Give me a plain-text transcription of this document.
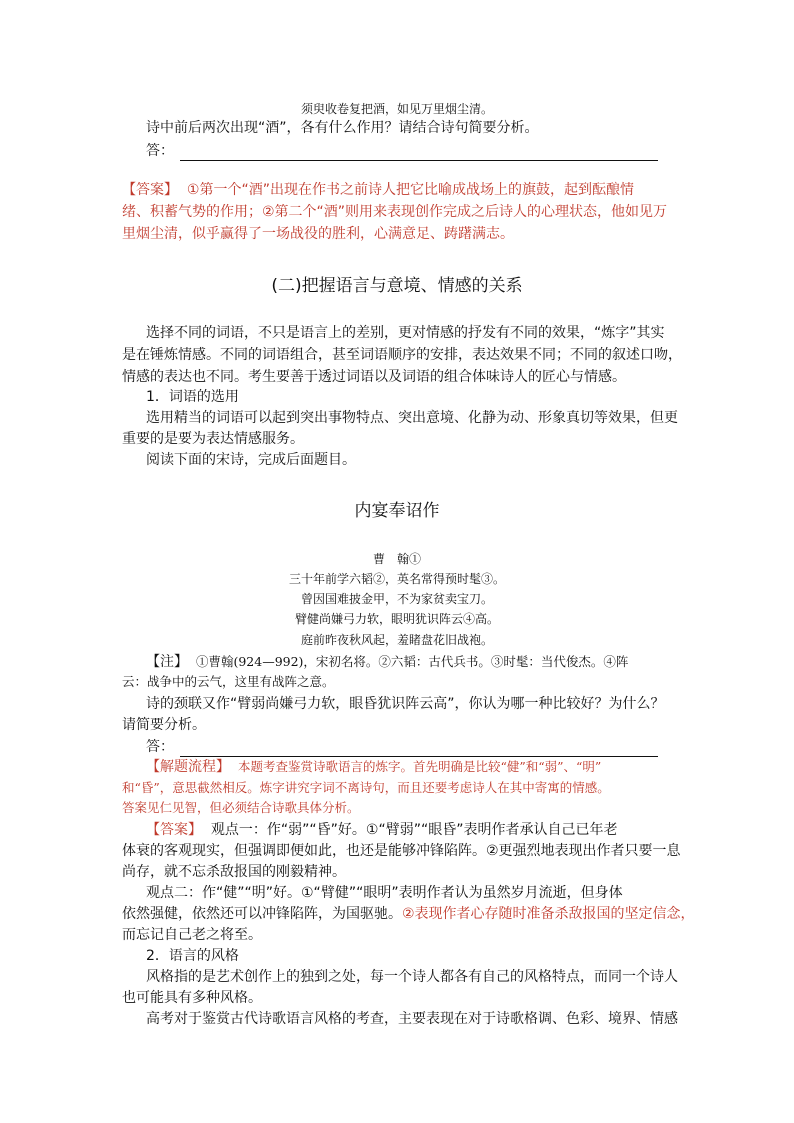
须臾收卷复把酒，如见万里烟尘清。
诗中前后两次出现“酒”，各有什么作用？请结合诗句简要分析。
答：
【答案】 ①第一个“酒”出现在作书之前诗人把它比喻成战场上的旗鼓，起到酝酿情
绪、积蓄气势的作用；②第二个“酒”则用来表现创作完成之后诗人的心理状态，他如见万
里烟尘清，似乎赢得了一场战役的胜利，心满意足、踌躇满志。
(二)把握语言与意境、情感的关系
选择不同的词语，不只是语言上的差别，更对情感的抒发有不同的效果，“炼字”其实
是在锤炼情感。不同的词语组合，甚至词语顺序的安排，表达效果不同；不同的叙述口吻，
情感的表达也不同。考生要善于透过词语以及词语的组合体味诗人的匠心与情感。
1．词语的选用
选用精当的词语可以起到突出事物特点、突出意境、化静为动、形象真切等效果，但更
重要的是要为表达情感服务。
阅读下面的宋诗，完成后面题目。
内宴奉诏作
曹　翰①
三十年前学六韬②，英名常得预时髦③。
曾因国难披金甲，不为家贫卖宝刀。
臂健尚嫌弓力软，眼明犹识阵云④高。
庭前昨夜秋风起，羞睹盘花旧战袍。
【注】 ①曹翰(924—992)，宋初名将。②六韬：古代兵书。③时髦：当代俊杰。④阵
云：战争中的云气，这里有战阵之意。
诗的颈联又作“臂弱尚嫌弓力软，眼昏犹识阵云高”，你认为哪一种比较好？为什么？
请简要分析。
答：
【解题流程】 本题考查鉴赏诗歌语言的炼字。首先明确是比较“健”和“弱”、“明”
和“昏”，意思截然相反。炼字讲究字词不离诗句，而且还要考虑诗人在其中寄寓的情感。
答案见仁见智，但必须结合诗歌具体分析。
【答案】 观点一：作“弱”“昏”好。①“臂弱”“眼昏”表明作者承认自己已年老
体衰的客观现实，但强调即便如此，也还是能够冲锋陷阵。②更强烈地表现出作者只要一息
尚存，就不忘杀敌报国的刚毅精神。
观点二：作“健”“明”好。①“臂健”“眼明”表明作者认为虽然岁月流逝，但身体
依然强健，依然还可以冲锋陷阵，为国驱驰。②表现作者心存随时准备杀敌报国的坚定信念，
而忘记自己老之将至。
2．语言的风格
风格指的是艺术创作上的独到之处，每一个诗人都各有自己的风格特点，而同一个诗人
也可能具有多种风格。
高考对于鉴赏古代诗歌语言风格的考查，主要表现在对于诗歌格调、色彩、境界、情感
